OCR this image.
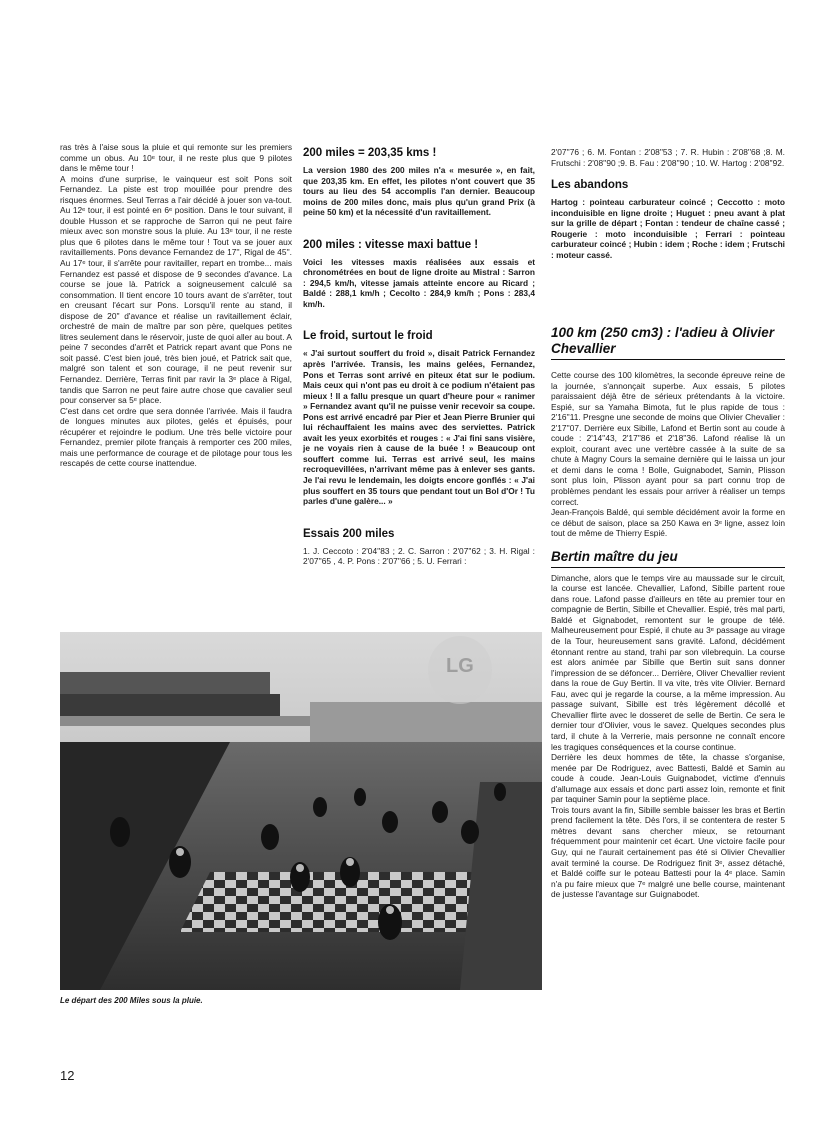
ras très à l'aise sous la pluie et qui remonte sur les premiers comme un obus. Au 10ᵉ tour, il ne reste plus que 9 pilotes dans le même tour !

A moins d'une surprise, le vainqueur est soit Pons soit Fernandez. La piste est trop mouillée pour prendre des risques énormes. Seul Terras a l'air décidé à jouer son va-tout. Au 12ᵉ tour, il est pointé en 6ᵉ position. Dans le tour suivant, il double Husson et se rapproche de Sarron qui ne peut faire mieux avec son monstre sous la pluie. Au 13ᵉ tour, il ne reste plus que 6 pilotes dans le même tour ! Tout va se jouer aux ravitaillements. Pons devance Fernandez de 17'', Rigal de 45''. Au 17ᵉ tour, il s'arrête pour ravitailler, repart en trombe... mais Fernandez est passé et dispose de 9 secondes d'avance. La course se joue là. Patrick a soigneusement calculé sa consommation. Il tient encore 10 tours avant de s'arrêter, tout en creusant l'écart sur Pons. Lorsqu'il rente au stand, il dispose de 20'' d'avance et réalise un ravitaillement éclair, orchestré de main de maître par son père, quelques petites litres seulement dans le réservoir, juste de quoi aller au bout. A peine 7 secondes d'arrêt et Patrick repart avant que Pons ne soit passé. C'est bien joué, très bien joué, et Patrick sait que, malgré son talent et son courage, il ne peut revenir sur Fernandez. Derrière, Terras finit par ravir la 3ᵉ place à Rigal, tandis que Sarron ne peut faire autre chose que cavalier seul pour conserver sa 5ᵉ place.

C'est dans cet ordre que sera donnée l'arrivée. Mais il faudra de longues minutes aux pilotes, gelés et épuisés, pour récupérer et rejoindre le podium. Une très belle victoire pour Fernandez, premier pilote français à remporter ces 200 miles, mais une performance de courage et de pilotage pour tous les rescapés de cette course inattendue.

200 miles = 203,35 kms !

La version 1980 des 200 miles n'a « mesurée », en fait, que 203,35 km. En effet, les pilotes n'ont couvert que 35 tours au lieu des 54 accomplis l'an dernier. Beaucoup moins de 200 miles donc, mais plus qu'un grand Prix (à peine 50 km) et la nécessité d'un ravitaillement.

200 miles : vitesse maxi battue !

Voici les vitesses maxis réalisées aux essais et chronométrées en bout de ligne droite au Mistral : Sarron : 294,5 km/h, vitesse jamais atteinte encore au Ricard ; Baldé : 288,1 km/h ; Cecolto : 284,9 km/h ; Pons : 283,4 km/h.

Le froid, surtout le froid

« J'ai surtout souffert du froid », disait Patrick Fernandez après l'arrivée. Transis, les mains gelées, Fernandez, Pons et Terras sont arrivé en piteux état sur le podium. Mais ceux qui n'ont pas eu droit à ce podium n'étaient pas mieux ! Il a fallu presque un quart d'heure pour « ranimer » Fernandez avant qu'il ne puisse venir recevoir sa coupe. Pons est arrivé encadré par Pier et Jean Pierre Brunier qui lui réchauffaient les mains avec des serviettes. Patrick avait les yeux exorbités et rouges : « J'ai fini sans visière, je ne voyais rien à cause de la buée ! » Beaucoup ont souffert comme lui. Terras est arrivé seul, les mains recroquevillées, n'arrivant même pas à enlever ses gants. Je l'ai revu le lendemain, les doigts encore gonflés : « J'ai plus souffert en 35 tours que pendant tout un Bol d'Or ! Tu parles d'une galère... »

Essais 200 miles

1. J. Ceccoto : 2'04''83 ; 2. C. Sarron : 2'07''62 ; 3. H. Rigal : 2'07''65 , 4. P. Pons : 2'07''66 ; 5. U. Ferrari :

2'07''76 ; 6. M. Fontan : 2'08''53 ; 7. R. Hubin : 2'08''68 ;8. M. Frutschi : 2'08''90 ;9. B. Fau : 2'08''90 ; 10. W. Hartog : 2'08''92.

Les abandons

Hartog : pointeau carburateur coincé ; Ceccotto : moto inconduisible en ligne droite ; Huguet : pneu avant à plat sur la grille de départ ; Fontan : tendeur de chaîne cassé ; Rougerie : moto inconduisible ; Ferrari : pointeau carburateur coincé ; Hubin : idem ; Roche : idem ; Frutschi : moteur cassé.

100 km (250 cm3) : l'adieu à Olivier Chevallier

Cette course des 100 kilomètres, la seconde épreuve reine de la journée, s'annonçait superbe. Aux essais, 5 pilotes paraissaient déjà être de sérieux prétendants à la victoire. Espié, sur sa Yamaha Bimota, fut le plus rapide de tous : 2'16''11. Presgne une seconde de moins que Olivier Chevalier : 2'17''07. Derrière eux Sibille, Lafond et Bertin sont au coude à coude : 2'14''43, 2'17''86 et 2'18''36. Lafond réalise là un exploit, courant avec une vertèbre cassée à la suite de sa chute à Magny Cours la semaine dernière qui le laissa un jour et demi dans le coma ! Bolle, Guignabodet, Samin, Plisson sont plus loin, Plisson ayant pour sa part connu trop de problèmes pendant les essais pour arriver à réaliser un temps correct.

Jean-François Baldé, qui semble décidément avoir la forme en ce début de saison, place sa 250 Kawa en 3ᵉ ligne, assez loin tout de même de Thierry Espié.

Bertin maître du jeu

Dimanche, alors que le temps vire au maussade sur le circuit, la course est lancée. Chevallier, Lafond, Sibille partent roue dans roue. Lafond passe d'ailleurs en tête au premier tour en compagnie de Bertin, Sibille et Chevallier. Espié, très mal parti, Baldé et Gignabodet, remontent sur le groupe de télé. Malheureusement pour Espié, il chute au 3ᵉ passage au virage de la Tour, heureusement sans gravité. Lafond, décidément étonnant rentre au stand, trahi par son vilebrequin. La course est alors animée par Sibille que Bertin suit sans donner l'impression de se défoncer... Derrière, Oliver Chevallier revient dans la roue de Guy Bertin. Il va vite, très vite Olivier. Bernard Fau, avec qui je regarde la course, a la même impression. Au passage suivant, Sibille est très légèrement décollé et Chevallier flirte avec le dosseret de selle de Bertin. Ce sera le dernier tour d'Olivier, vous le savez. Quelques secondes plus tard, il chute à la Verrerie, mais personne ne connaît encore les tragiques conséquences et la course continue.

Derrière les deux hommes de tête, la chasse s'organise, menée par De Rodriguez, avec Battesti, Baldé et Samin au coude à coude. Jean-Louis Guignabodet, victime d'ennuis d'allumage aux essais et donc parti assez loin, remonte et finit par taquiner Samin pour la septième place.

Trois tours avant la fin, Sibille semble baisser les bras et Bertin prend facilement la tête. Dès l'ors, il se contentera de rester 5 mètres devant sans chercher mieux, se retournant fréquemment pour maintenir cet écart. Une victoire facile pour Guy, qui ne l'aurait certainement pas été si Olivier Chevallier avait terminé la course. De Rodriguez finit 3ᵉ, assez détaché, et Baldé coiffe sur le poteau Battesti pour la 4ᵉ place. Samin n'a pu faire mieux que 7ᵉ malgré une belle course, maintenant de justesse l'avantage sur Guignabodet.

LG
Le départ des 200 Miles sous la pluie.
12
